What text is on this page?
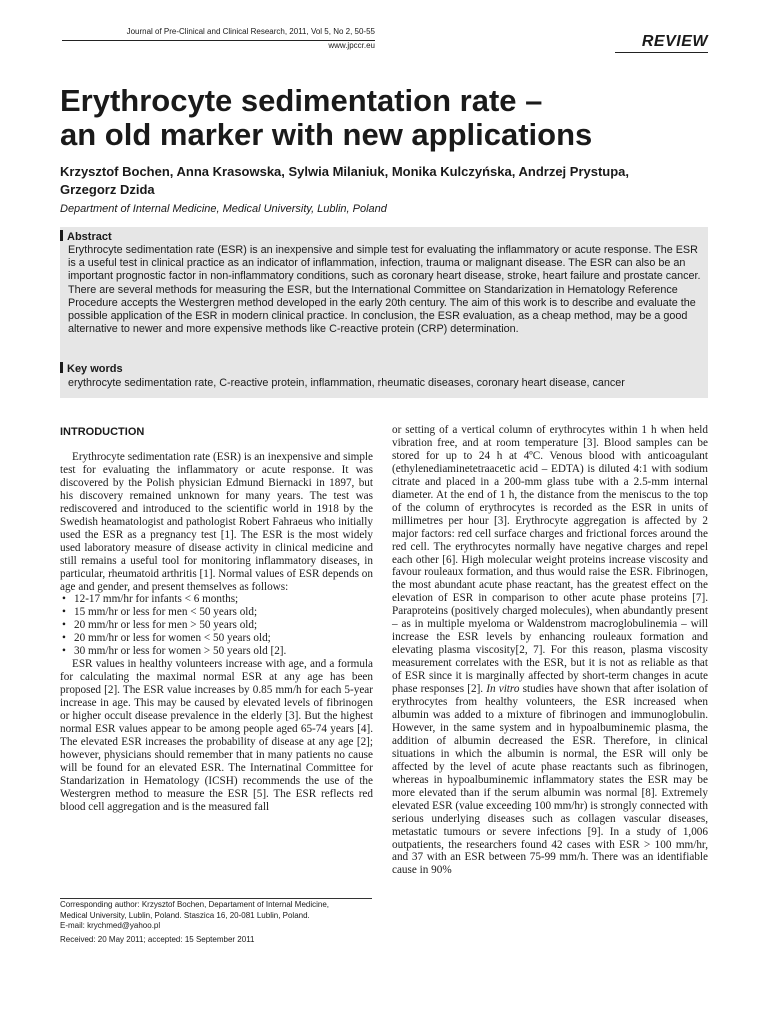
Journal of Pre-Clinical and Clinical Research, 2011, Vol 5, No 2, 50-55
www.jpccr.eu	REVIEW
Erythrocyte sedimentation rate –
an old marker with new applications
Krzysztof Bochen, Anna Krasowska, Sylwia Milaniuk, Monika Kulczyńska, Andrzej Prystupa,
Grzegorz Dzida
Department of Internal Medicine, Medical University, Lublin, Poland
Abstract

Erythrocyte sedimentation rate (ESR) is an inexpensive and simple test for evaluating the inflammatory or acute response. The ESR is a useful test in clinical practice as an indicator of inflammation, infection, trauma or malignant disease. The ESR can also be an important prognostic factor in non-inflammatory conditions, such as coronary heart disease, stroke, heart failure and prostate cancer. There are several methods for measuring the ESR, but the International Committee on Standarization in Hematology Reference Procedure accepts the Westergren method developed in the early 20th century. The aim of this work is to describe and evaluate the possible application of the ESR in modern clinical practice. In conclusion, the ESR evaluation, as a cheap method, may be a good alternative to newer and more expensive methods like C-reactive protein (CRP) determination.

Key words

erythrocyte sedimentation rate, C-reactive protein, inflammation, rheumatic diseases, coronary heart disease, cancer

INTRODUCTION

Erythrocyte sedimentation rate (ESR) is an inexpensive and simple test for evaluating the inflammatory or acute response. It was discovered by the Polish physician Edmund Biernacki in 1897, but his discovery remained unknown for many years. The test was rediscovered and introduced to the scientific world in 1918 by the Swedish heamatologist and pathologist Robert Fahraeus who initially used the ESR as a pregnancy test [1]. The ESR is the most widely used laboratory measure of disease activity in clinical medicine and still remains a useful tool for monitoring inflammatory diseases, in particular, rheumatoid arthritis [1]. Normal values of ESR depends on age and gender, and present themselves as follows:

• 12-17 mm/hr for infants < 6 months;
• 15 mm/hr or less for men < 50 years old;
• 20 mm/hr or less for men > 50 years old;
• 20 mm/hr or less for women < 50 years old;
• 30 mm/hr or less for women > 50 years old [2].

ESR values in healthy volunteers increase with age, and a formula for calculating the maximal normal ESR at any age has been proposed [2]. The ESR value increases by 0.85 mm/h for each 5-year increase in age. This may be caused by elevated levels of fibrinogen or higher occult disease prevalence in the elderly [3]. But the highest normal ESR values appear to be among people aged 65-74 years [4]. The elevated ESR increases the probability of disease at any age [2]; however, physicians should remember that in many patients no cause will be found for an elevated ESR. The Internatinal Committee for Standarization in Hematology (ICSH) recommends the use of the Westergren method to measure the ESR [5]. The ESR reflects red blood cell aggregation and is the measured fall

or setting of a vertical column of erythrocytes within 1 h when held vibration free, and at room temperature [3]. Blood samples can be stored for up to 24 h at 4ºC. Venous blood with anticoagulant (ethylenediaminetetraacetic acid – EDTA) is diluted 4:1 with sodium citrate and placed in a 200-mm glass tube with a 2.5-mm internal diameter. At the end of 1 h, the distance from the meniscus to the top of the column of erythrocytes is recorded as the ESR in units of millimetres per hour [3]. Erythrocyte aggregation is affected by 2 major factors: red cell surface charges and frictional forces around the red cell. The erythrocytes normally have negative charges and repel each other [6]. High molecular weight proteins increase viscosity and favour rouleaux formation, and thus would raise the ESR. Fibrinogen, the most abundant acute phase reactant, has the greatest effect on the elevation of ESR in comparison to other acute phase proteins [7]. Paraproteins (positively charged molecules), when abundantly present – as in multiple myeloma or Waldenstrom macroglobulinemia – will increase the ESR levels by enhancing rouleaux formation and elevating plasma viscosity[2, 7]. For this reason, plasma viscosity measurement correlates with the ESR, but it is not as reliable as that of ESR since it is marginally affected by short-term changes in acute phase responses [2]. In vitro studies have shown that after isolation of erythrocytes from healthy volunteers, the ESR increased when albumin was added to a mixture of fibrinogen and immunoglobulin. However, in the same system and in hypoalbuminemic plasma, the addition of albumin decreased the ESR. Therefore, in clinical situations in which the albumin is normal, the ESR will only be affected by the level of acute phase reactants such as fibrinogen, whereas in hypoalbuminemic inflammatory states the ESR may be more elevated than if the serum albumin was normal [8]. Extremely elevated ESR (value exceeding 100 mm/hr) is strongly connected with serious underlying diseases such as collagen vascular diseases, metastatic tumours or severe infections [9]. In a study of 1,006 outpatients, the researchers found 42 cases with ESR > 100 mm/hr, and 37 with an ESR between 75-99 mm/h. There was an identifiable cause in 90%

Corresponding author: Krzysztof Bochen, Departament of Internal Medicine,
Medical University, Lublin, Poland. Staszica 16, 20-081 Lublin, Poland.
E-mail: krychmed@yahoo.pl
Received: 20 May 2011; accepted: 15 September 2011
